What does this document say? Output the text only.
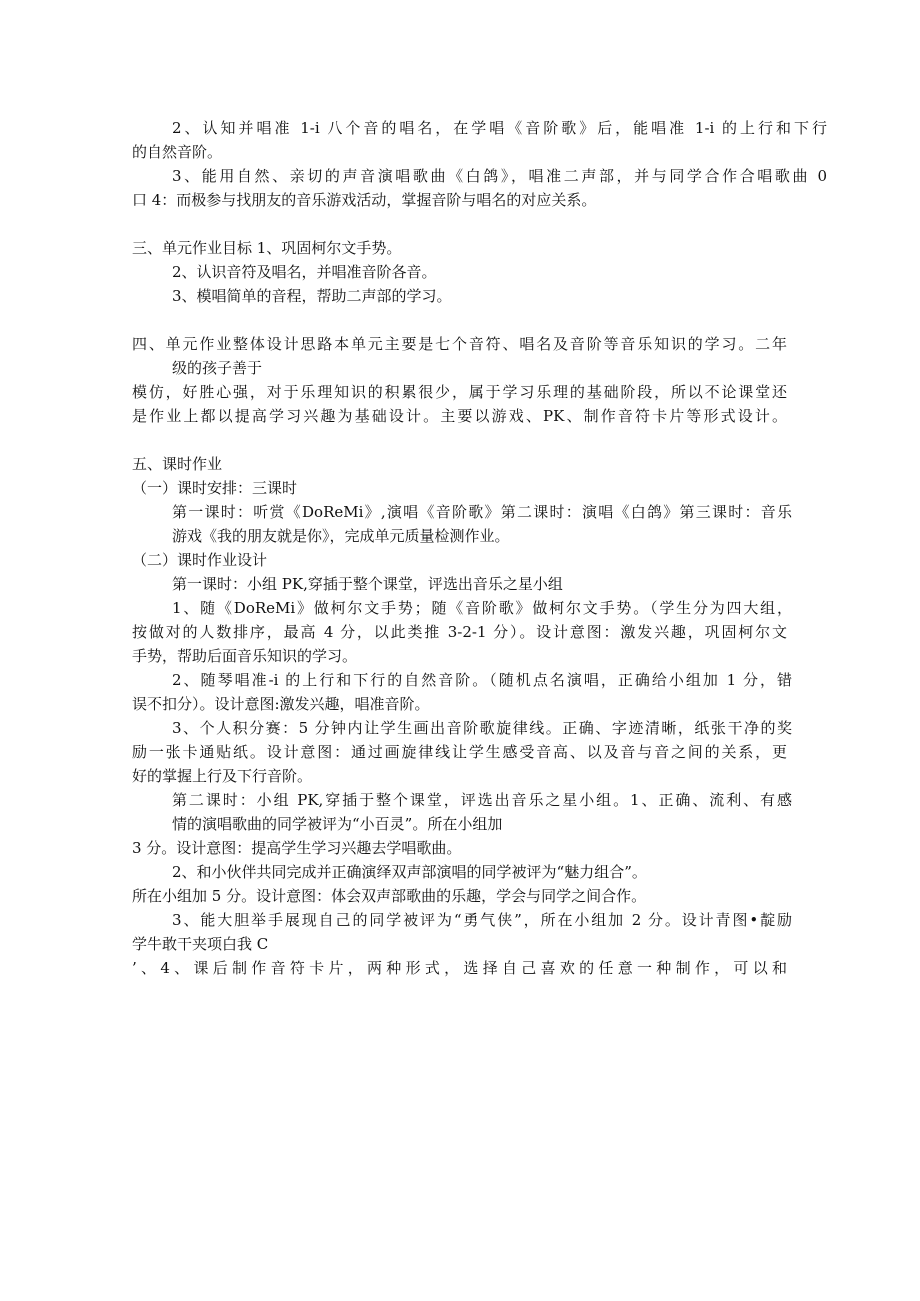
2、认知并唱准 1-i 八个音的唱名，在学唱《音阶歌》后，能唱准 1-i 的上行和下行

的自然音阶。

3、能用自然、亲切的声音演唱歌曲《白鸽》，唱准二声部，并与同学合作合唱歌曲 0

口 4：而极参与找朋友的音乐游戏活动，掌握音阶与唱名的对应关系。

三、单元作业目标 1、巩固柯尔文手势。

2、认识音符及唱名，并唱准音阶各音。

3、模唱简单的音程，帮助二声部的学习。

四、单元作业整体设计思路本单元主要是七个音符、唱名及音阶等音乐知识的学习。二年

级的孩子善于

模仿，好胜心强，对于乐理知识的积累很少，属于学习乐理的基础阶段，所以不论课堂还

是作业上都以提高学习兴趣为基础设计。主要以游戏、PK、制作音符卡片等形式设计。

五、课时作业

（一）课时安排：三课时

第一课时：听赏《DoReMi》,演唱《音阶歌》第二课时：演唱《白鸽》第三课时：音乐

游戏《我的朋友就是你》，完成单元质量检测作业。

（二）课时作业设计

第一课时：小组 PK,穿插于整个课堂，评选出音乐之星小组

1、随《DoReMi》做柯尔文手势；随《音阶歌》做柯尔文手势。（学生分为四大组，

按做对的人数排序，最高 4 分，以此类推 3-2-1 分）。设计意图：激发兴趣，巩固柯尔文

手势，帮助后面音乐知识的学习。

2、随琴唱准-i 的上行和下行的自然音阶。（随机点名演唱，正确给小组加 1 分，错

误不扣分）。设计意图:激发兴趣，唱准音阶。

3、个人积分赛：5 分钟内让学生画出音阶歌旋律线。正确、字迹清晰，纸张干净的奖

励一张卡通贴纸。设计意图：通过画旋律线让学生感受音高、以及音与音之间的关系，更

好的掌握上行及下行音阶。

第二课时：小组 PK,穿插于整个课堂，评选出音乐之星小组。1、正确、流利、有感

情的演唱歌曲的同学被评为“小百灵”。所在小组加

3 分。设计意图：提高学生学习兴趣去学唱歌曲。

2、和小伙伴共同完成并正确演绎双声部演唱的同学被评为“魅力组合”。

所在小组加 5 分。设计意图：体会双声部歌曲的乐趣，学会与同学之间合作。

3、能大胆举手展现自己的同学被评为“勇气侠”，所在小组加 2 分。设计青图•靛励

学牛敢干夹项白我 C

’、4、课后制作音符卡片，两种形式，选择自己喜欢的任意一种制作，可以和
